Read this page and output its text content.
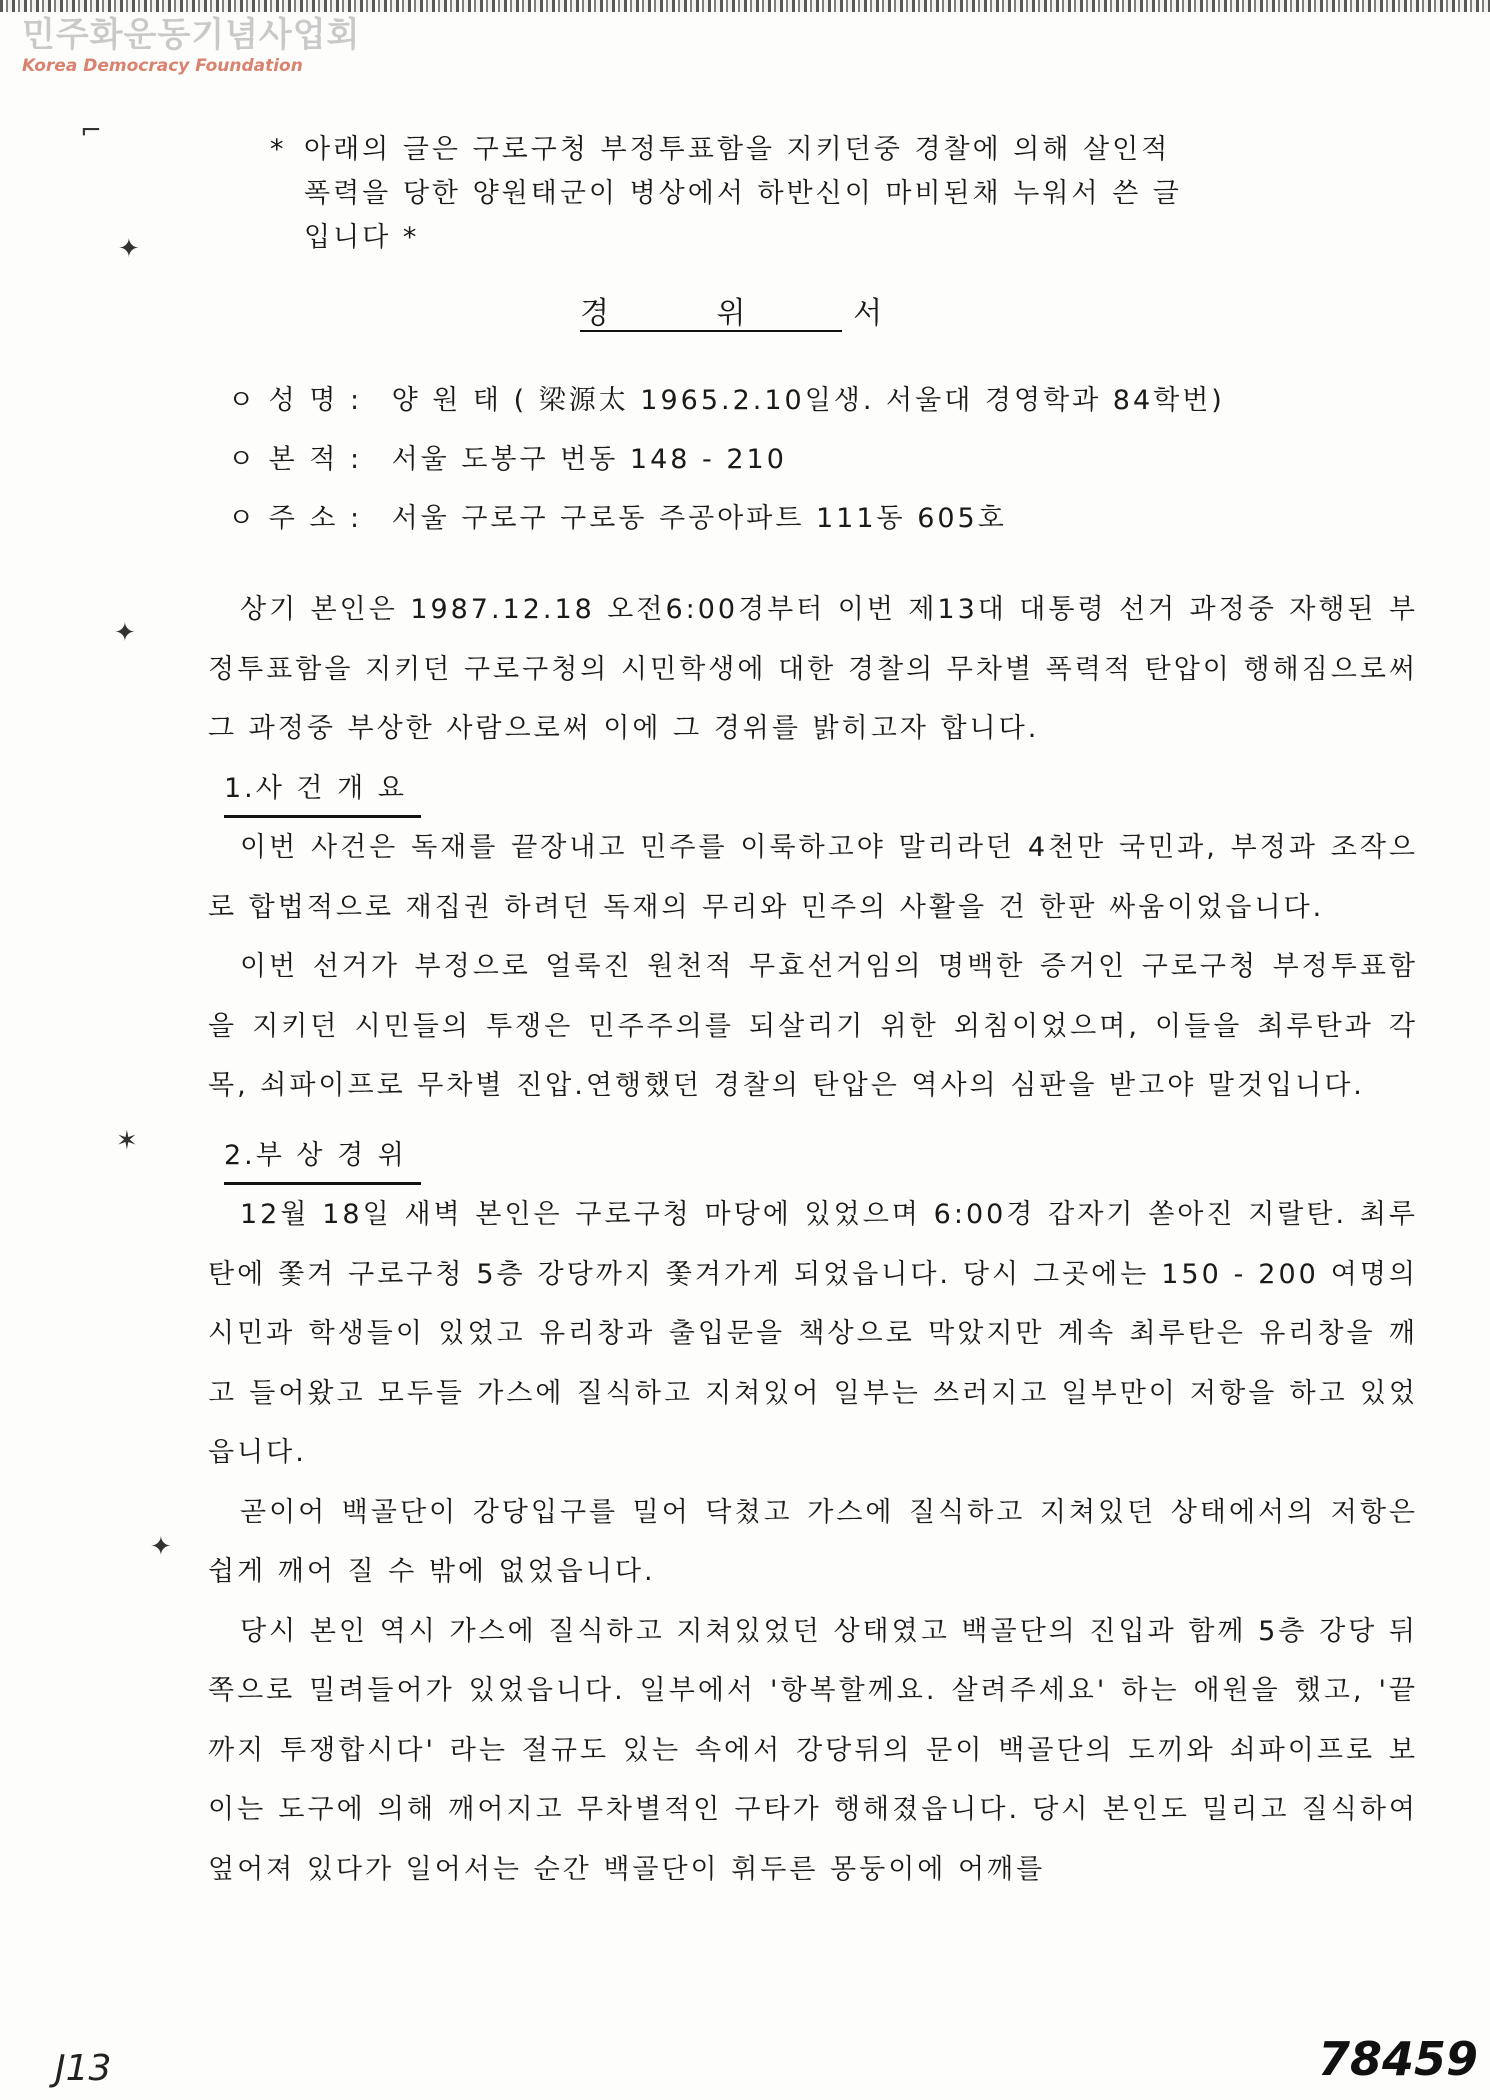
민주화운동기념사업회
Korea Democracy Foundation
⌐
✦
✦
✶
✦
* 아래의 글은 구로구청 부정투표함을 지키던중 경찰에 의해 살인적

폭력을 당한 양원태군이 병상에서 하반신이 마비된채 누워서 쓴 글

입니다 *

경	위	서
ㅇ 성 명 : 양 원 태 ( 梁源太 1965.2.10일생. 서울대 경영학과 84학번)
ㅇ 본 적 : 서울 도봉구 번동 148 - 210
ㅇ 주 소 : 서울 구로구 구로동 주공아파트 111동 605호

상기 본인은 1987.12.18 오전6:00경부터 이번 제13대 대통령 선거 과정중 자행된 부정투표함을 지키던 구로구청의 시민학생에 대한 경찰의 무차별 폭력적 탄압이 행해짐으로써 그 과정중 부상한 사람으로써 이에 그 경위를 밝히고자 합니다.

1.사 건 개 요

이번 사건은 독재를 끝장내고 민주를 이룩하고야 말리라던 4천만 국민과, 부정과 조작으로 합법적으로 재집권 하려던 독재의 무리와 민주의 사활을 건 한판 싸움이었읍니다.

이번 선거가 부정으로 얼룩진 원천적 무효선거임의 명백한 증거인 구로구청 부정투표함을 지키던 시민들의 투쟁은 민주주의를 되살리기 위한 외침이었으며, 이들을 최루탄과 각목, 쇠파이프로 무차별 진압.연행했던 경찰의 탄압은 역사의 심판을 받고야 말것입니다.

2.부 상 경 위

12월 18일 새벽 본인은 구로구청 마당에 있었으며 6:00경 갑자기 쏟아진 지랄탄. 최루탄에 쫓겨 구로구청 5층 강당까지 쫓겨가게 되었읍니다. 당시 그곳에는 150 - 200 여명의시민과 학생들이 있었고 유리창과 출입문을 책상으로 막았지만 계속 최루탄은 유리창을 깨고 들어왔고 모두들 가스에 질식하고 지쳐있어 일부는 쓰러지고 일부만이 저항을 하고 있었읍니다.

곧이어 백골단이 강당입구를 밀어 닥쳤고 가스에 질식하고 지쳐있던 상태에서의 저항은 쉽게 깨어 질 수 밖에 없었읍니다.

당시 본인 역시 가스에 질식하고 지쳐있었던 상태였고 백골단의 진입과 함께 5층 강당 뒤쪽으로 밀려들어가 있었읍니다. 일부에서 '항복할께요. 살려주세요' 하는 애원을 했고, '끝까지 투쟁합시다' 라는 절규도 있는 속에서 강당뒤의 문이 백골단의 도끼와 쇠파이프로 보이는 도구에 의해 깨어지고 무차별적인 구타가 행해졌읍니다. 당시 본인도 밀리고 질식하여 엎어져 있다가 일어서는 순간 백골단이 휘두른 몽둥이에 어깨를

J13	78459
